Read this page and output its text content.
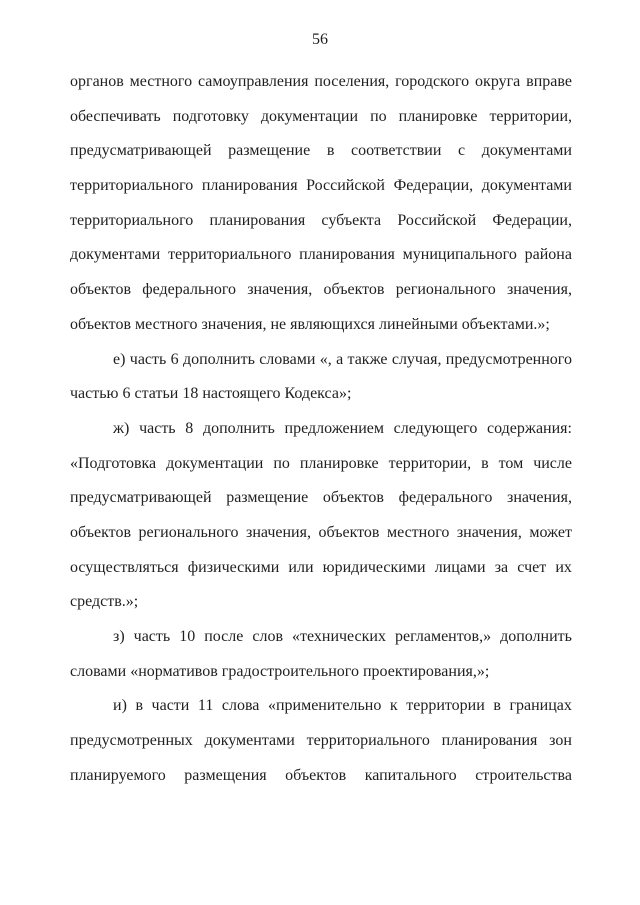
56
органов местного самоуправления поселения, городского округа вправе
обеспечивать подготовку документации по планировке территории,
предусматривающей размещение в соответствии с документами
территориального планирования Российской Федерации, документами
территориального планирования субъекта Российской Федерации,
документами территориального планирования муниципального района
объектов федерального значения, объектов регионального значения,
объектов местного значения, не являющихся линейными объектами.»;
е) часть 6 дополнить словами «, а также случая, предусмотренного
частью 6 статьи 18 настоящего Кодекса»;
ж) часть 8 дополнить предложением следующего содержания:
«Подготовка документации по планировке территории, в том числе
предусматривающей размещение объектов федерального значения,
объектов регионального значения, объектов местного значения, может
осуществляться физическими или юридическими лицами за счет их
средств.»;
з) часть 10 после слов «технических регламентов,» дополнить
словами «нормативов градостроительного проектирования,»;
и) в части 11 слова «применительно к территории в границах
предусмотренных документами территориального планирования зон
планируемого размещения объектов капитального строительства
